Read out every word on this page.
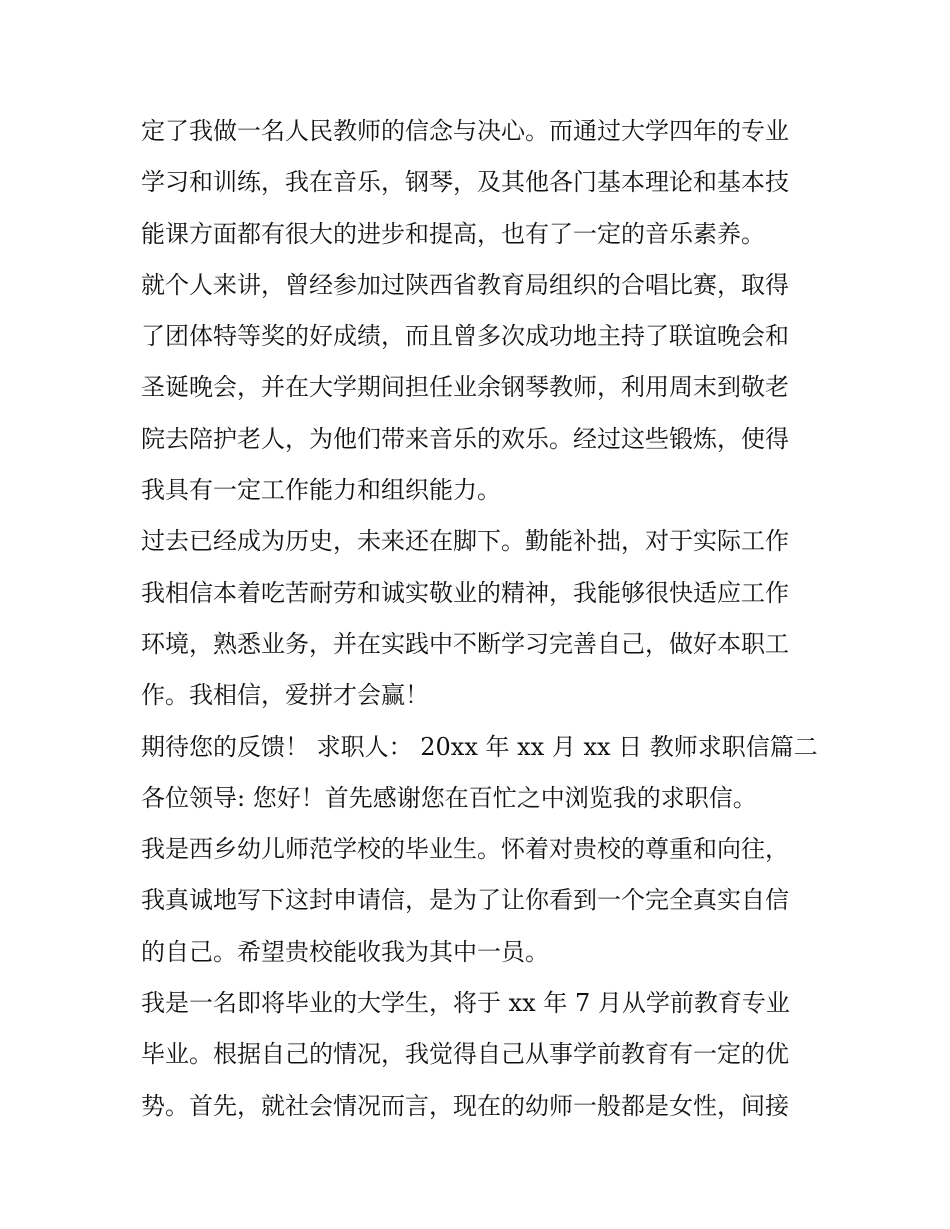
定了我做一名人民教师的信念与决心。而通过大学四年的专业
学习和训练，我在音乐，钢琴，及其他各门基本理论和基本技
能课方面都有很大的进步和提高，也有了一定的音乐素养。
就个人来讲，曾经参加过陕西省教育局组织的合唱比赛，取得
了团体特等奖的好成绩，而且曾多次成功地主持了联谊晚会和
圣诞晚会，并在大学期间担任业余钢琴教师，利用周末到敬老
院去陪护老人，为他们带来音乐的欢乐。经过这些锻炼，使得
我具有一定工作能力和组织能力。
过去已经成为历史，未来还在脚下。勤能补拙，对于实际工作
我相信本着吃苦耐劳和诚实敬业的精神，我能够很快适应工作
环境，熟悉业务，并在实践中不断学习完善自己，做好本职工
作。我相信，爱拼才会赢！
期待您的反馈！ 求职人： 20xx 年 xx 月 xx 日 教师求职信篇二
各位领导: 您好！首先感谢您在百忙之中浏览我的求职信。
我是西乡幼儿师范学校的毕业生。怀着对贵校的尊重和向往，
我真诚地写下这封申请信，是为了让你看到一个完全真实自信
的自己。希望贵校能收我为其中一员。
我是一名即将毕业的大学生，将于 xx 年 7 月从学前教育专业
毕业。根据自己的情况，我觉得自己从事学前教育有一定的优
势。首先，就社会情况而言，现在的幼师一般都是女性，间接
